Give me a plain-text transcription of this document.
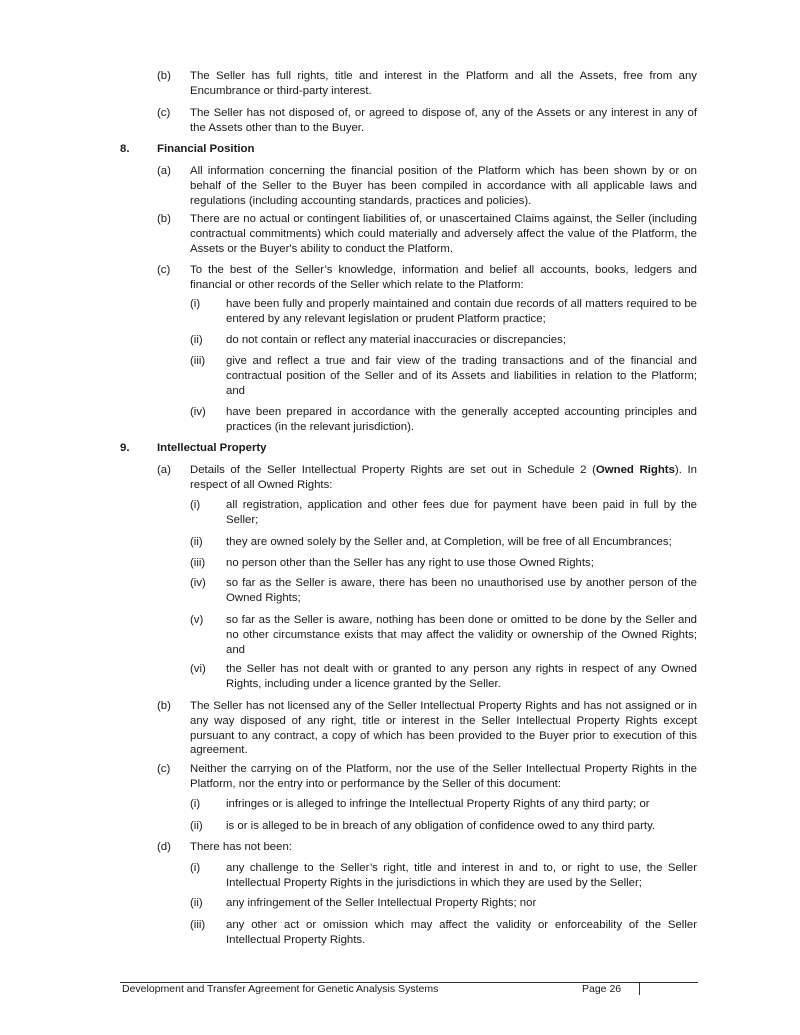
(b) The Seller has full rights, title and interest in the Platform and all the Assets, free from any Encumbrance or third-party interest.

(c) The Seller has not disposed of, or agreed to dispose of, any of the Assets or any interest in any of the Assets other than to the Buyer.

8. Financial Position
(a) All information concerning the financial position of the Platform which has been shown by or on behalf of the Seller to the Buyer has been compiled in accordance with all applicable laws and regulations (including accounting standards, practices and policies).

(b) There are no actual or contingent liabilities of, or unascertained Claims against, the Seller (including contractual commitments) which could materially and adversely affect the value of the Platform, the Assets or the Buyer's ability to conduct the Platform.

(c) To the best of the Seller’s knowledge, information and belief all accounts, books, ledgers and financial or other records of the Seller which relate to the Platform:

(i) have been fully and properly maintained and contain due records of all matters required to be entered by any relevant legislation or prudent Platform practice;

(ii) do not contain or reflect any material inaccuracies or discrepancies;

(iii) give and reflect a true and fair view of the trading transactions and of the financial and contractual position of the Seller and of its Assets and liabilities in relation to the Platform; and

(iv) have been prepared in accordance with the generally accepted accounting principles and practices (in the relevant jurisdiction).

9. Intellectual Property
(a) Details of the Seller Intellectual Property Rights are set out in Schedule 2 (Owned Rights). In respect of all Owned Rights:

(i) all registration, application and other fees due for payment have been paid in full by the Seller;

(ii) they are owned solely by the Seller and, at Completion, will be free of all Encumbrances;

(iii) no person other than the Seller has any right to use those Owned Rights;

(iv) so far as the Seller is aware, there has been no unauthorised use by another person of the Owned Rights;

(v) so far as the Seller is aware, nothing has been done or omitted to be done by the Seller and no other circumstance exists that may affect the validity or ownership of the Owned Rights; and

(vi) the Seller has not dealt with or granted to any person any rights in respect of any Owned Rights, including under a licence granted by the Seller.

(b) The Seller has not licensed any of the Seller Intellectual Property Rights and has not assigned or in any way disposed of any right, title or interest in the Seller Intellectual Property Rights except pursuant to any contract, a copy of which has been provided to the Buyer prior to execution of this agreement.

(c) Neither the carrying on of the Platform, nor the use of the Seller Intellectual Property Rights in the Platform, nor the entry into or performance by the Seller of this document:

(i) infringes or is alleged to infringe the Intellectual Property Rights of any third party; or

(ii) is or is alleged to be in breach of any obligation of confidence owed to any third party.

(d) There has not been:

(i) any challenge to the Seller’s right, title and interest in and to, or right to use, the Seller Intellectual Property Rights in the jurisdictions in which they are used by the Seller;

(ii) any infringement of the Seller Intellectual Property Rights; nor

(iii) any other act or omission which may affect the validity or enforceability of the Seller Intellectual Property Rights.

Development and Transfer Agreement for Genetic Analysis Systems	Page 26
